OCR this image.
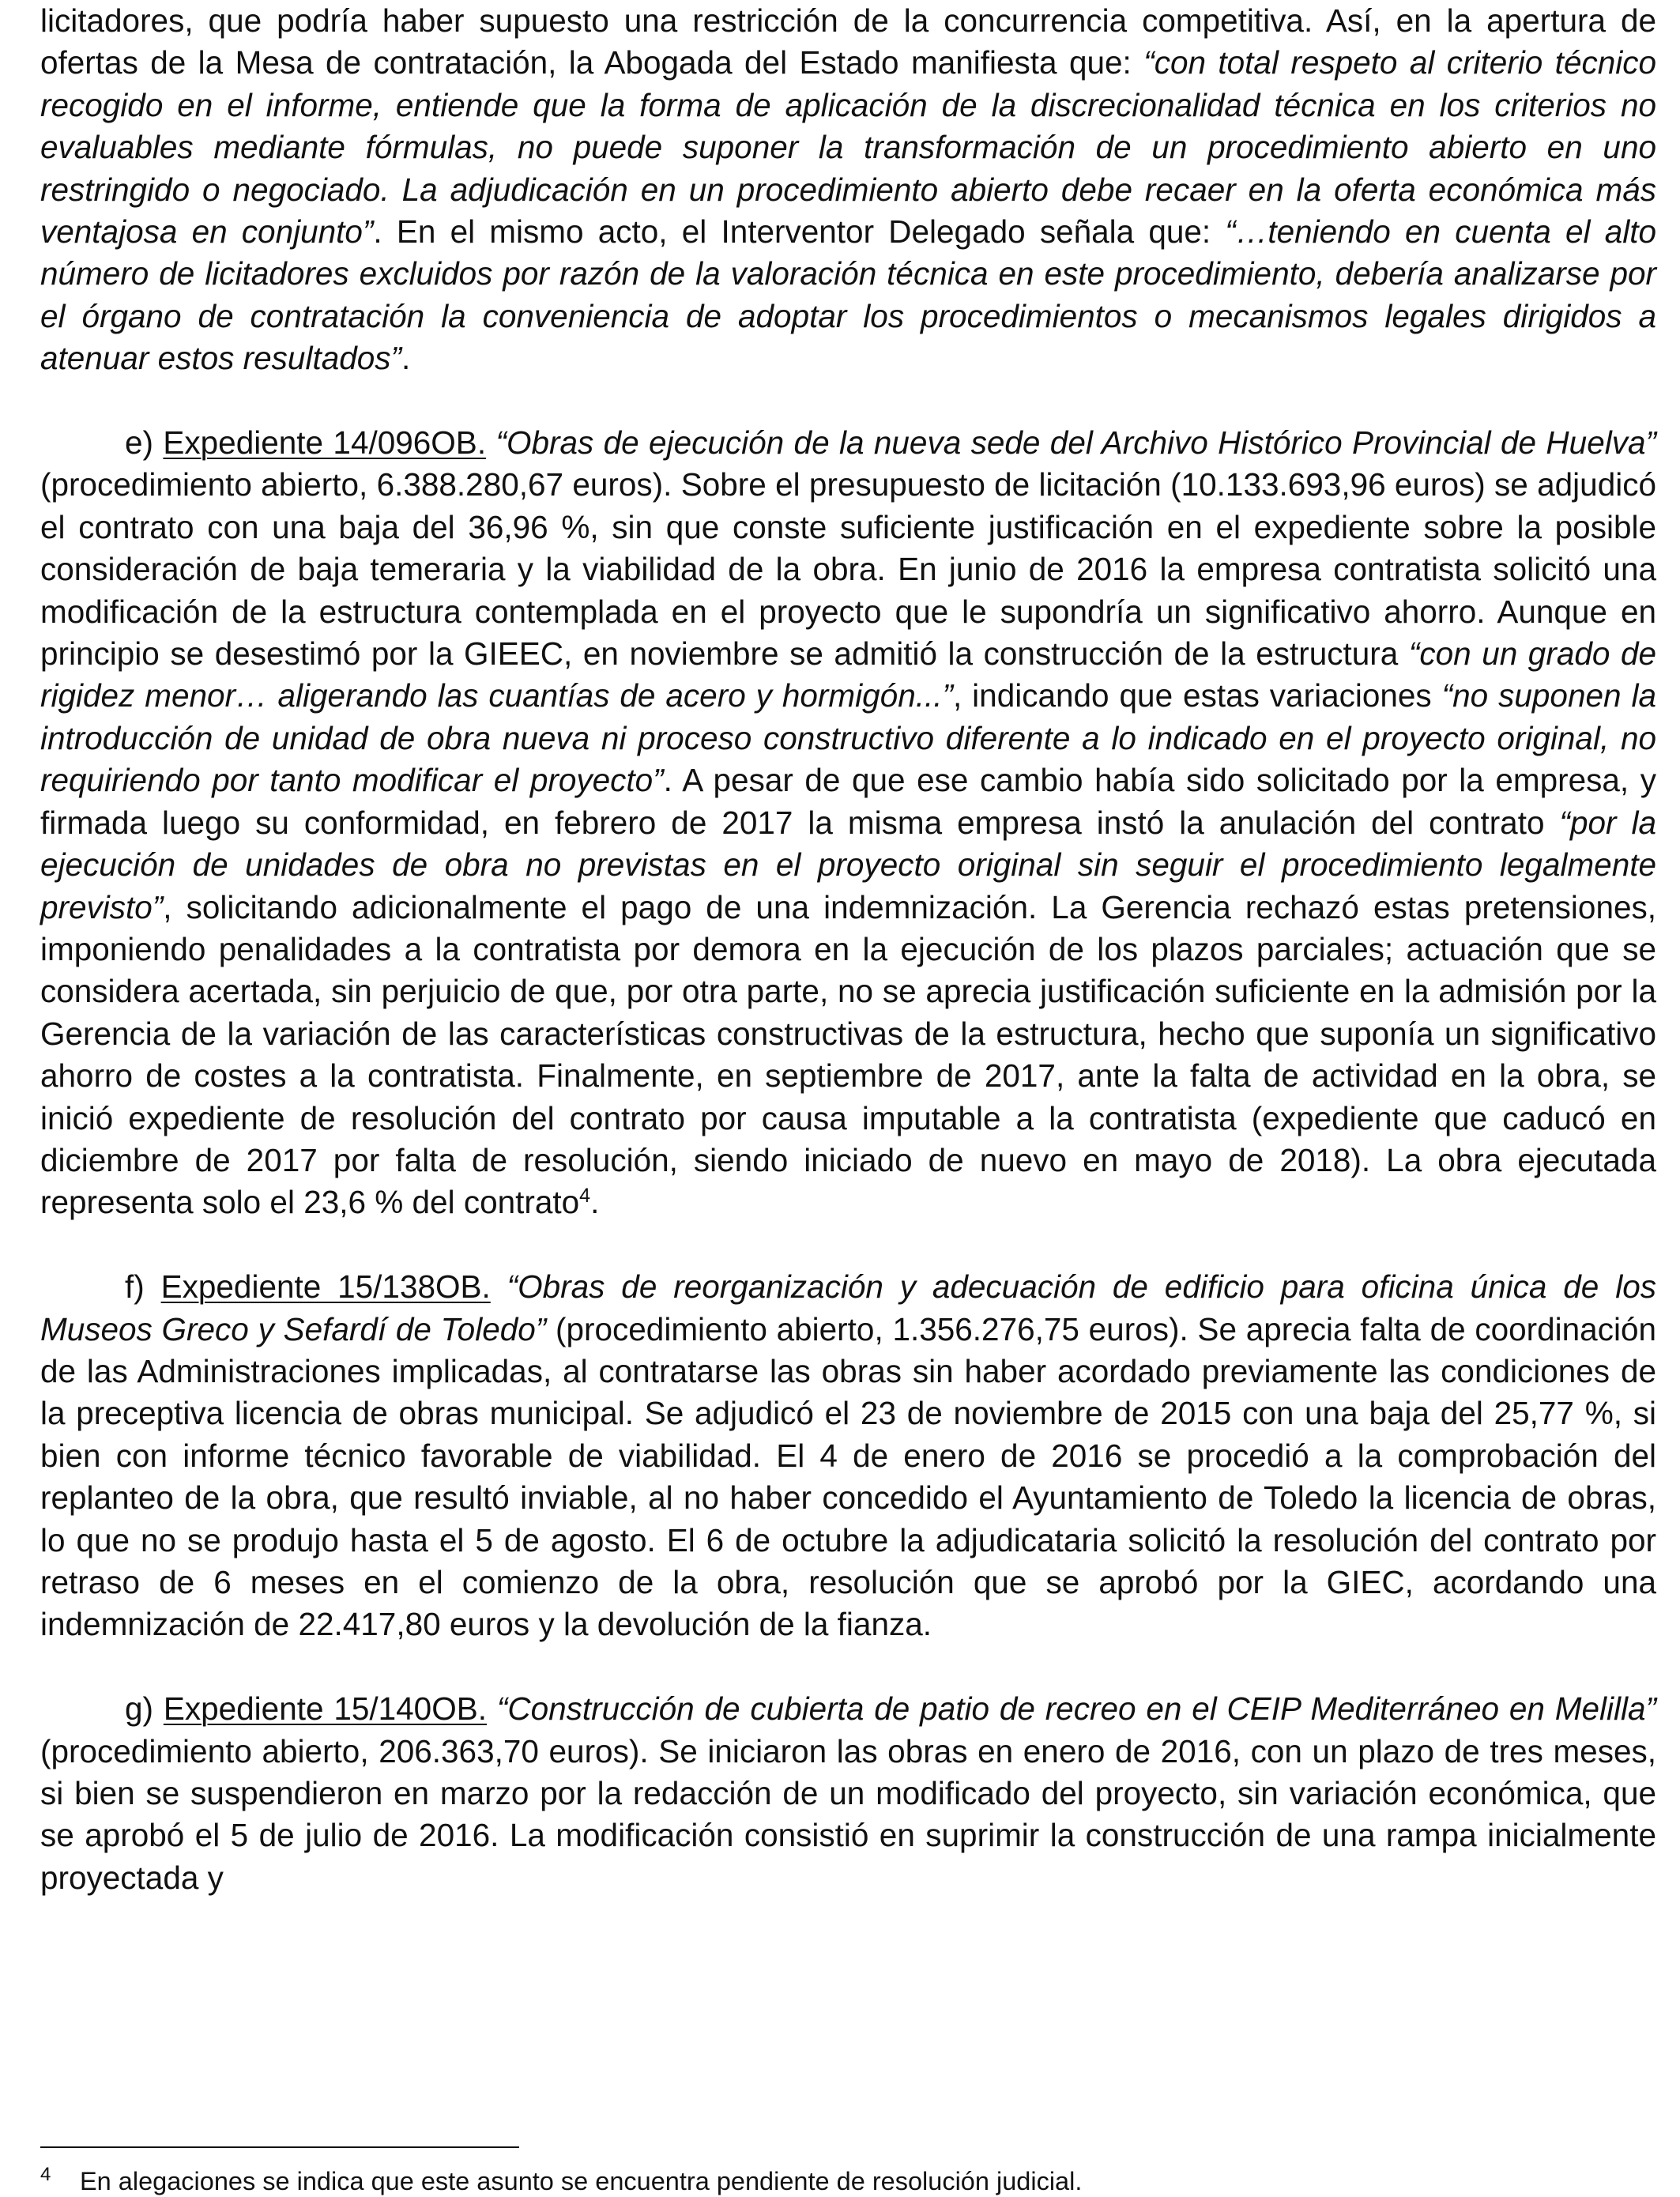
licitadores, que podría haber supuesto una restricción de la concurrencia competitiva. Así, en la apertura de ofertas de la Mesa de contratación, la Abogada del Estado manifiesta que: “con total respeto al criterio técnico recogido en el informe, entiende que la forma de aplicación de la discrecionalidad técnica en los criterios no evaluables mediante fórmulas, no puede suponer la transformación de un procedimiento abierto en uno restringido o negociado. La adjudicación en un procedimiento abierto debe recaer en la oferta económica más ventajosa en conjunto”. En el mismo acto, el Interventor Delegado señala que: “…teniendo en cuenta el alto número de licitadores excluidos por razón de la valoración técnica en este procedimiento, debería analizarse por el órgano de contratación la conveniencia de adoptar los procedimientos o mecanismos legales dirigidos a atenuar estos resultados”.

e) Expediente 14/096OB. “Obras de ejecución de la nueva sede del Archivo Histórico Provincial de Huelva” (procedimiento abierto, 6.388.280,67 euros). Sobre el presupuesto de licitación (10.133.693,96 euros) se adjudicó el contrato con una baja del 36,96 %, sin que conste suficiente justificación en el expediente sobre la posible consideración de baja temeraria y la viabilidad de la obra. En junio de 2016 la empresa contratista solicitó una modificación de la estructura contemplada en el proyecto que le supondría un significativo ahorro. Aunque en principio se desestimó por la GIEEC, en noviembre se admitió la construcción de la estructura “con un grado de rigidez menor… aligerando las cuantías de acero y hormigón...”, indicando que estas variaciones “no suponen la introducción de unidad de obra nueva ni proceso constructivo diferente a lo indicado en el proyecto original, no requiriendo por tanto modificar el proyecto”. A pesar de que ese cambio había sido solicitado por la empresa, y firmada luego su conformidad, en febrero de 2017 la misma empresa instó la anulación del contrato “por la ejecución de unidades de obra no previstas en el proyecto original sin seguir el procedimiento legalmente previsto”, solicitando adicionalmente el pago de una indemnización. La Gerencia rechazó estas pretensiones, imponiendo penalidades a la contratista por demora en la ejecución de los plazos parciales; actuación que se considera acertada, sin perjuicio de que, por otra parte, no se aprecia justificación suficiente en la admisión por la Gerencia de la variación de las características constructivas de la estructura, hecho que suponía un significativo ahorro de costes a la contratista. Finalmente, en septiembre de 2017, ante la falta de actividad en la obra, se inició expediente de resolución del contrato por causa imputable a la contratista (expediente que caducó en diciembre de 2017 por falta de resolución, siendo iniciado de nuevo en mayo de 2018). La obra ejecutada representa solo el 23,6 % del contrato$^4$.

f) Expediente 15/138OB. “Obras de reorganización y adecuación de edificio para oficina única de los Museos Greco y Sefardí de Toledo” (procedimiento abierto, 1.356.276,75 euros). Se aprecia falta de coordinación de las Administraciones implicadas, al contratarse las obras sin haber acordado previamente las condiciones de la preceptiva licencia de obras municipal. Se adjudicó el 23 de noviembre de 2015 con una baja del 25,77 %, si bien con informe técnico favorable de viabilidad. El 4 de enero de 2016 se procedió a la comprobación del replanteo de la obra, que resultó inviable, al no haber concedido el Ayuntamiento de Toledo la licencia de obras, lo que no se produjo hasta el 5 de agosto. El 6 de octubre la adjudicataria solicitó la resolución del contrato por retraso de 6 meses en el comienzo de la obra, resolución que se aprobó por la GIEC, acordando una indemnización de 22.417,80 euros y la devolución de la fianza.

g) Expediente 15/140OB. “Construcción de cubierta de patio de recreo en el CEIP Mediterráneo en Melilla” (procedimiento abierto, 206.363,70 euros). Se iniciaron las obras en enero de 2016, con un plazo de tres meses, si bien se suspendieron en marzo por la redacción de un modificado del proyecto, sin variación económica, que se aprobó el 5 de julio de 2016. La modificación consistió en suprimir la construcción de una rampa inicialmente proyectada y

4 En alegaciones se indica que este asunto se encuentra pendiente de resolución judicial.
